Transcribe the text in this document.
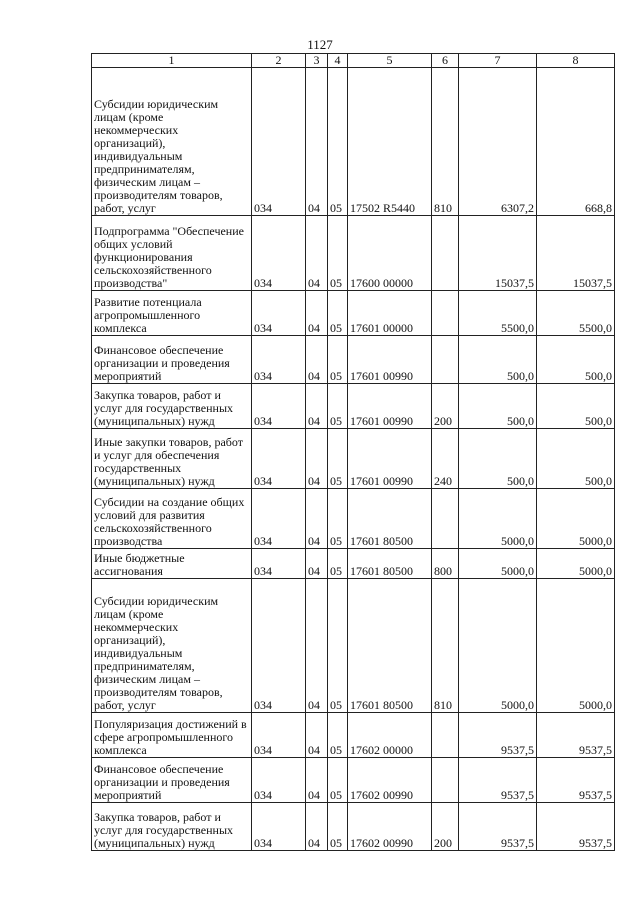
1127
1	2	3	4	5	6	7	8
Субсидии юридическим лицам (кроме некоммерческих организаций), индивидуальным предпринимателям, физическим лицам – производителям товаров, работ, услуг	034	04	05	17502 R5440	810	6307,2	668,8
Подпрограмма "Обеспечение общих условий функционирования сельскохозяйственного производства"	034	04	05	17600 00000		15037,5	15037,5
Развитие потенциала агропромышленного комплекса	034	04	05	17601 00000		5500,0	5500,0
Финансовое обеспечение организации и проведения мероприятий	034	04	05	17601 00990		500,0	500,0
Закупка товаров, работ и услуг для государственных (муниципальных) нужд	034	04	05	17601 00990	200	500,0	500,0
Иные закупки товаров, работ и услуг для обеспечения государственных (муниципальных) нужд	034	04	05	17601 00990	240	500,0	500,0
Субсидии на создание общих условий для развития сельскохозяйственного производства	034	04	05	17601 80500		5000,0	5000,0
Иные бюджетные ассигнования	034	04	05	17601 80500	800	5000,0	5000,0
Субсидии юридическим лицам (кроме некоммерческих организаций), индивидуальным предпринимателям, физическим лицам – производителям товаров, работ, услуг	034	04	05	17601 80500	810	5000,0	5000,0
Популяризация достижений в сфере агропромышленного комплекса	034	04	05	17602 00000		9537,5	9537,5
Финансовое обеспечение организации и проведения мероприятий	034	04	05	17602 00990		9537,5	9537,5
Закупка товаров, работ и услуг для государственных (муниципальных) нужд	034	04	05	17602 00990	200	9537,5	9537,5
